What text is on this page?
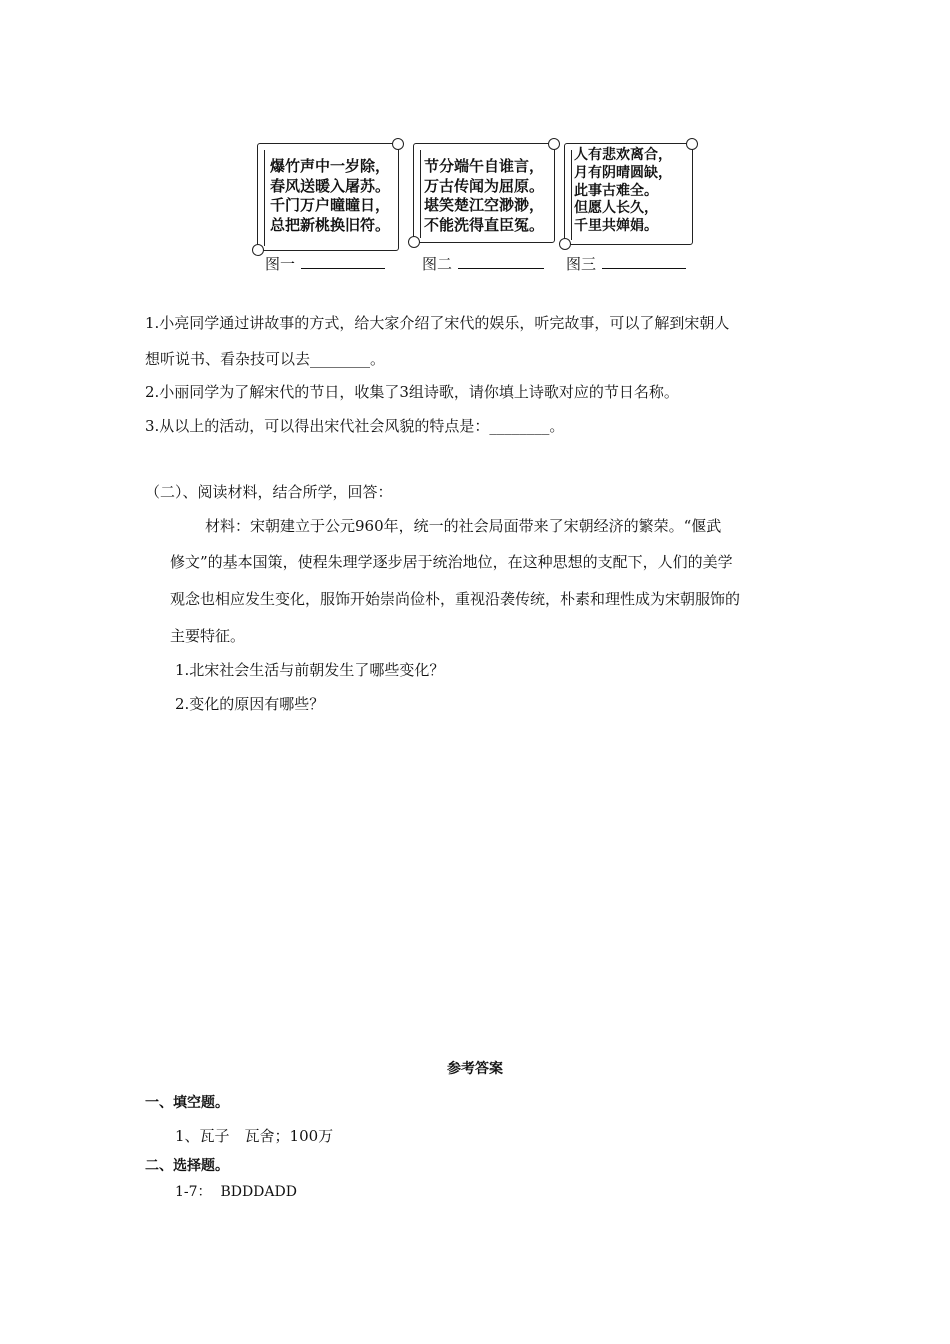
爆竹声中一岁除，
春风送暖入屠苏。
千门万户曈曈日，
总把新桃换旧符。
节分端午自谁言，
万古传闻为屈原。
堪笑楚江空渺渺，
不能洗得直臣冤。
人有悲欢离合，
月有阴晴圆缺，
此事古难全。
但愿人长久，
千里共婵娟。
图一	图二	图三
1.小亮同学通过讲故事的方式，给大家介绍了宋代的娱乐，听完故事，可以了解到宋朝人
想听说书、看杂技可以去________。
2.小丽同学为了解宋代的节日，收集了3组诗歌，请你填上诗歌对应的节日名称。
3.从以上的活动，可以得出宋代社会风貌的特点是：________。
（二）、阅读材料，结合所学，回答：
材料：宋朝建立于公元960年，统一的社会局面带来了宋朝经济的繁荣。“偃武
修文”的基本国策，使程朱理学逐步居于统治地位，在这种思想的支配下，人们的美学
观念也相应发生变化，服饰开始崇尚俭朴，重视沿袭传统，朴素和理性成为宋朝服饰的
主要特征。
1.北宋社会生活与前朝发生了哪些变化？
2.变化的原因有哪些？
参考答案
一、填空题。
1、瓦子　瓦舍；100万
二、选择题。
1-7：  BDDDADD
